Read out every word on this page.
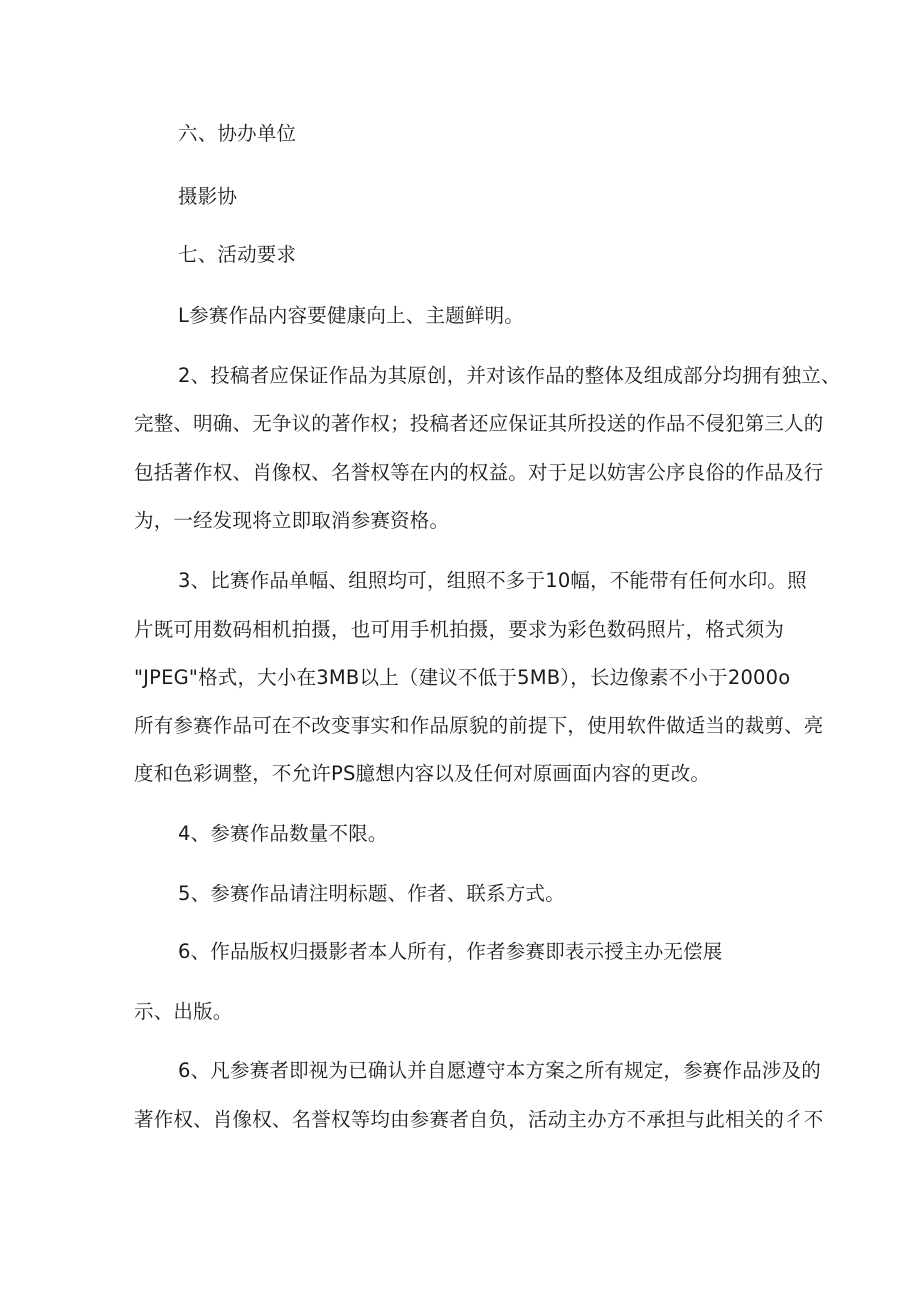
六、协办单位
摄影协
七、活动要求
L参赛作品内容要健康向上、主题鲜明。
2、投稿者应保证作品为其原创，并对该作品的整体及组成部分均拥有独立、
完整、明确、无争议的著作权；投稿者还应保证其所投送的作品不侵犯第三人的
包括著作权、肖像权、名誉权等在内的权益。对于足以妨害公序良俗的作品及行
为，一经发现将立即取消参赛资格。
3、比赛作品单幅、组照均可，组照不多于10幅，不能带有任何水印。照
片既可用数码相机拍摄，也可用手机拍摄，要求为彩色数码照片，格式须为
"JPEG"格式，大小在3MB以上（建议不低于5MB），长边像素不小于2000o
所有参赛作品可在不改变事实和作品原貌的前提下，使用软件做适当的裁剪、亮
度和色彩调整，不允许PS臆想内容以及任何对原画面内容的更改。
4、参赛作品数量不限。
5、参赛作品请注明标题、作者、联系方式。
6、作品版权归摄影者本人所有，作者参赛即表示授主办无偿展
示、出版。
6、凡参赛者即视为已确认并自愿遵守本方案之所有规定，参赛作品涉及的
著作权、肖像权、名誉权等均由参赛者自负，活动主办方不承担与此相关的彳不
